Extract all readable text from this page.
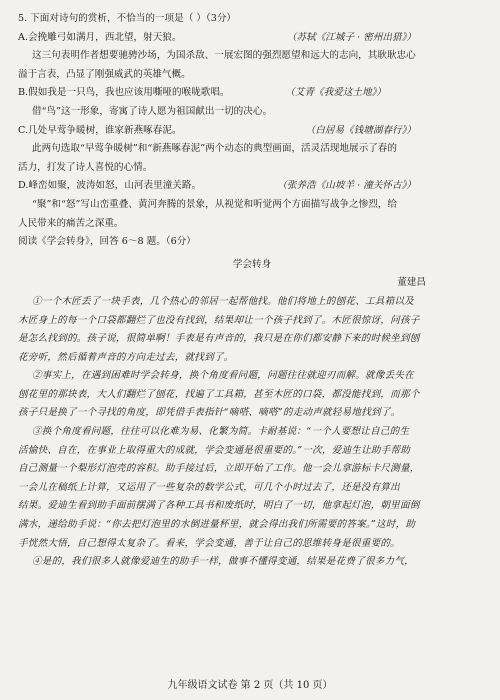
5. 下面对诗句的赏析，不恰当的一项是（ ）（3分）
A.会挽雕弓如满月，西北望，射天狼。	（苏轼《江城子 · 密州出猎》）
这三句表明作者想要驰骋沙场，为国杀敌、一展宏图的强烈愿望和远大的志向，其耿耿忠心
溢于言表，凸显了刚强威武的英雄气概。
B.假如我是一只鸟，我也应该用嘶哑的喉咙歌唱。	（艾青《我爱这土地》）
借“鸟”这一形象，寄寓了诗人愿为祖国献出一切的决心。
C.几处早莺争暖树，谁家新燕啄春泥。	（白居易《钱塘湖春行》）
此两句选取“早莺争暖树”和“新燕啄春泥”两个动态的典型画面，活灵活现地展示了春的
活力，打发了诗人喜悦的心情。
D.峰峦如聚，波涛如怒，山河表里潼关路。	（张养浩《山坡羊 · 潼关怀古》）
“聚”和“怒”写山峦重叠、黄河奔腾的景象，从视觉和听觉两个方面描写战争之惨烈，给
人民带来的痛苦之深重。
阅读《学会转身》，回答 6～8 题。（6分）
学会转身
董建昌
①一个木匠丢了一块手表，几个热心的邻居一起帮他找。他们将地上的刨花、工具箱以及
木匠身上的每一个口袋都翻烂了也没有找到，结果却让一个孩子找到了。木匠很惊讶，问孩子
是怎么找到的。孩子说，很简单啊！手表是有声音的，我只是在你们都安静下来的时候坐到刨
花旁听，然后循着声音的方向走过去，就找到了。
②事实上，在遇到困难时学会转身，换个角度看问题，问题往往就迎刃而解。就像丢失在
刨花里的那块表，大人们翻烂了刨花，找遍了工具箱，甚至木匠的口袋，都没能找到，而那个
孩子只是换了一个寻找的角度，即凭借手表指针“嘀嗒、嘀嗒”的走动声就轻易地找到了。
③换个角度看问题，往往可以化难为易、化繁为简。卡耐基说：“一个人要想让自己的生
活愉快、自在，在事业上取得重大的成就，学会变通是很重要的。”一次，爱迪生让助手帮助
自己测量一个梨形灯泡壳的容积。助手接过后，立即开始了工作。他一会儿拿游标卡尺测量，
一会儿在稿纸上计算，又运用了一些复杂的数学公式，可几个小时过去了，还是没有算出
结果。爱迪生看到助手面前摆满了各种工具书和废纸时，明白了一切，他拿起灯泡，朝里面倒
满水，递给助手说：“你去把灯泡里的水倒进量杯里，就会得出我们所需要的答案。”这时，助
手恍然大悟，自己想得太复杂了。看来，学会变通，善于让自己的思维转身是很重要的。
④是的，我们很多人就像爱迪生的助手一样，做事不懂得变通，结果是花费了很多力气，
九年级语文试卷 第 2 页（共 10 页）
